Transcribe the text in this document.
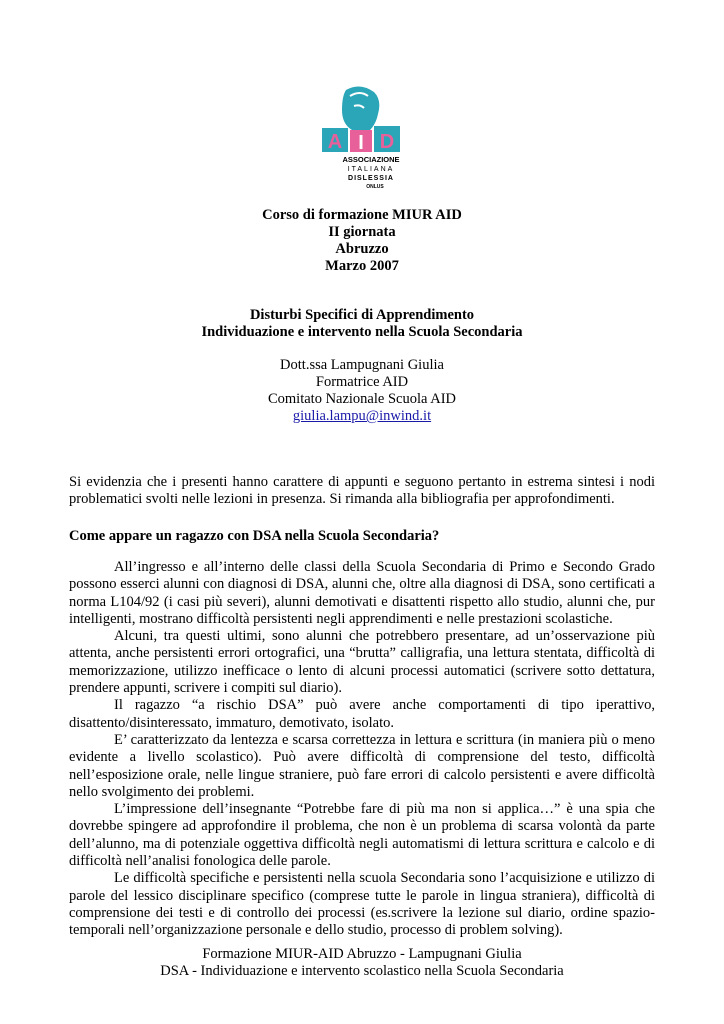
A I D
ASSOCIAZIONE
ITALIANA
DISLESSIA
ONLUS
Corso di formazione MIUR AID
II giornata
Abruzzo
Marzo 2007
Disturbi Specifici di Apprendimento
Individuazione e intervento nella Scuola Secondaria
Dott.ssa Lampugnani Giulia
Formatrice AID
Comitato Nazionale Scuola AID
giulia.lampu@inwind.it

Si evidenzia che i presenti hanno carattere di appunti e seguono pertanto in estrema sintesi i nodi problematici svolti nelle lezioni in presenza. Si rimanda alla bibliografia per approfondimenti.

Come appare un ragazzo con DSA nella Scuola Secondaria?

All’ingresso e all’interno delle classi della Scuola Secondaria di Primo e Secondo Grado possono esserci alunni con diagnosi di DSA, alunni che, oltre alla diagnosi di DSA, sono certificati a norma L104/92 (i casi più severi), alunni demotivati e disattenti rispetto allo studio, alunni che, pur intelligenti, mostrano difficoltà persistenti negli apprendimenti e nelle prestazioni scolastiche.

Alcuni, tra questi ultimi, sono alunni che potrebbero presentare, ad un’osservazione più attenta, anche persistenti errori ortografici, una “brutta” calligrafia, una lettura stentata, difficoltà di memorizzazione, utilizzo inefficace o lento di alcuni processi automatici (scrivere sotto dettatura, prendere appunti, scrivere i compiti sul diario).

Il ragazzo “a rischio DSA” può avere anche comportamenti di tipo iperattivo, disattento/disinteressato, immaturo, demotivato, isolato.

E’ caratterizzato da lentezza e scarsa correttezza in lettura e scrittura (in maniera più o meno evidente a livello scolastico). Può avere difficoltà di comprensione del testo, difficoltà nell’esposizione orale, nelle lingue straniere, può fare errori di calcolo persistenti e avere difficoltà nello svolgimento dei problemi.

L’impressione dell’insegnante “Potrebbe fare di più ma non si applica…” è una spia che dovrebbe spingere ad approfondire il problema, che non è un problema di scarsa volontà da parte dell’alunno, ma di potenziale oggettiva difficoltà negli automatismi di lettura scrittura e calcolo e di difficoltà nell’analisi fonologica delle parole.

Le difficoltà specifiche e persistenti nella scuola Secondaria sono l’acquisizione e utilizzo di parole del lessico disciplinare specifico (comprese tutte le parole in lingua straniera), difficoltà di comprensione dei testi e di controllo dei processi (es.scrivere la lezione sul diario, ordine spazio-temporali nell’organizzazione personale e dello studio, processo di problem solving).

Formazione MIUR-AID Abruzzo - Lampugnani Giulia
DSA - Individuazione e intervento scolastico nella Scuola Secondaria
